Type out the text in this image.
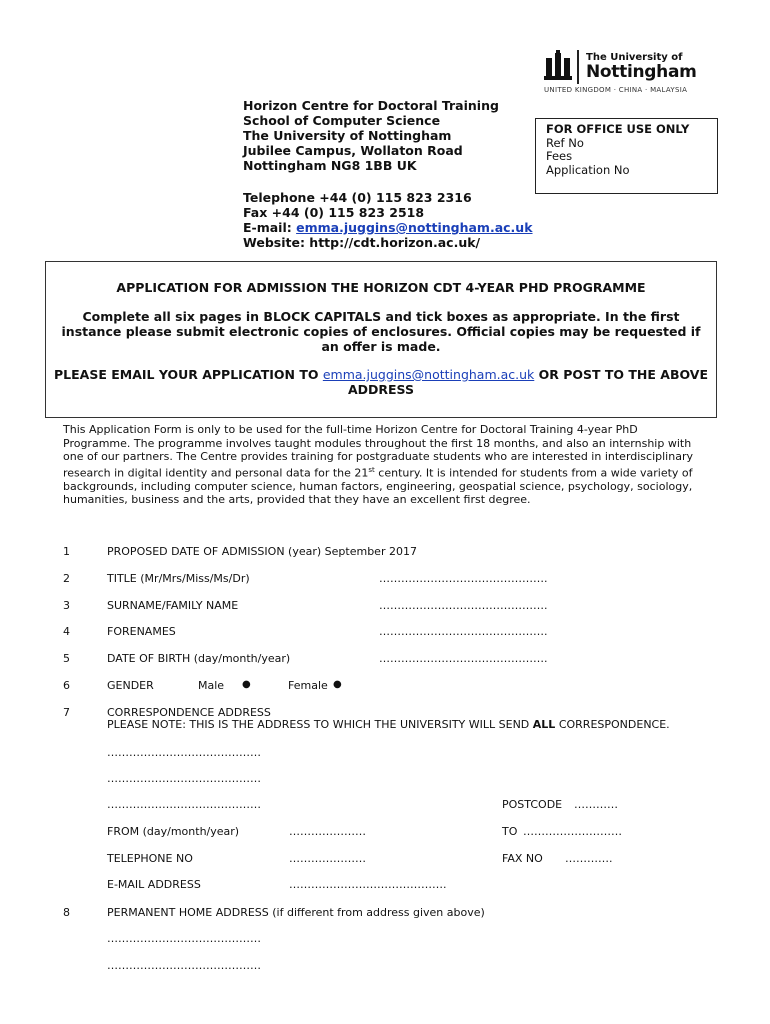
The University of
Nottingham
UNITED KINGDOM · CHINA · MALAYSIA
Horizon Centre for Doctoral Training
School of Computer Science
The University of Nottingham
Jubilee Campus, Wollaton Road
Nottingham NG8 1BB UK
FOR OFFICE USE ONLY
Ref No
Fees
Application No
Telephone +44 (0) 115 823 2316
Fax +44 (0) 115 823 2518
E-mail: emma.juggins@nottingham.ac.uk
Website: http://cdt.horizon.ac.uk/
APPLICATION FOR ADMISSION THE HORIZON CDT 4-YEAR PHD PROGRAMME
Complete all six pages in BLOCK CAPITALS and tick boxes as appropriate. In the first instance please submit electronic copies of enclosures. Official copies may be requested if an offer is made.
PLEASE EMAIL YOUR APPLICATION TO emma.juggins@nottingham.ac.uk OR POST TO THE ABOVE ADDRESS
This Application Form is only to be used for the full-time Horizon Centre for Doctoral Training 4-year PhD Programme. The programme involves taught modules throughout the first 18 months, and also an internship with one of our partners. The Centre provides training for postgraduate students who are interested in interdisciplinary research in digital identity and personal data for the 21st century. It is intended for students from a wide variety of backgrounds, including computer science, human factors, engineering, geospatial science, psychology, sociology, humanities, business and the arts, provided that they have an excellent first degree.
1	PROPOSED DATE OF ADMISSION (year) September 2017
2	TITLE (Mr/Mrs/Miss/Ms/Dr)	……………………………………….
3	SURNAME/FAMILY NAME	……………………………………….
4	FORENAMES	……………………………………….
5	DATE OF BIRTH (day/month/year)	……………………………………….
6	GENDER	Male ●	Female ●
7	CORRESPONDENCE ADDRESS
PLEASE NOTE: THIS IS THE ADDRESS TO WHICH THE UNIVERSITY WILL SEND ALL CORRESPONDENCE.
……………………………………
……………………………………
……………………………………	POSTCODE …………
FROM (day/month/year)	…………………	TO ………………………
TELEPHONE NO	…………………	FAX NO ………….
E-MAIL ADDRESS	…………………………………….
8	PERMANENT HOME ADDRESS (if different from address given above)
……………………………………
……………………………………
